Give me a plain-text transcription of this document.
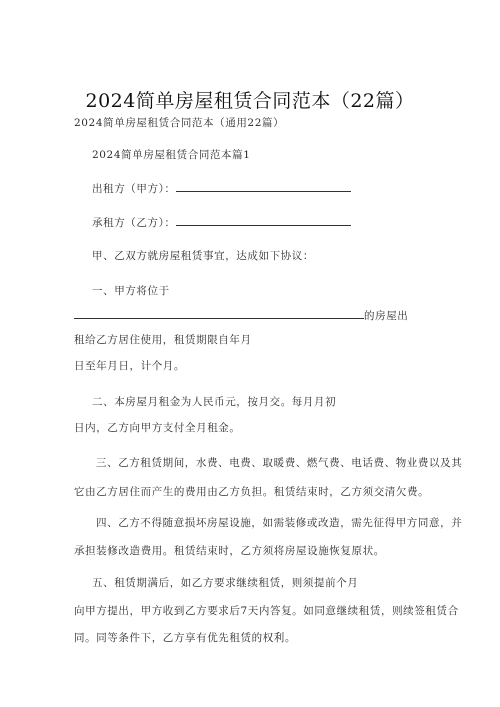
2024简单房屋租赁合同范本（22篇）
2024简单房屋租赁合同范本（通用22篇）
2024简单房屋租赁合同范本篇1
出租方（甲方）：
承租方（乙方）：
甲、乙双方就房屋租赁事宜，达成如下协议：
一、甲方将位于
的房屋出
租给乙方居住使用，租赁期限自年月
日至年月日，计个月。
二、本房屋月租金为人民币元，按月交。每月月初
日内，乙方向甲方支付全月租金。
三、乙方租赁期间，水费、电费、取暖费、燃气费、电话费、物业费以及其
它由乙方居住而产生的费用由乙方负担。租赁结束时，乙方须交清欠费。
四、乙方不得随意损坏房屋设施，如需装修或改造，需先征得甲方同意，并
承担装修改造费用。租赁结束时，乙方须将房屋设施恢复原状。
五、租赁期满后，如乙方要求继续租赁，则须提前个月
向甲方提出，甲方收到乙方要求后7天内答复。如同意继续租赁，则续签租赁合
同。同等条件下，乙方享有优先租赁的权利。
